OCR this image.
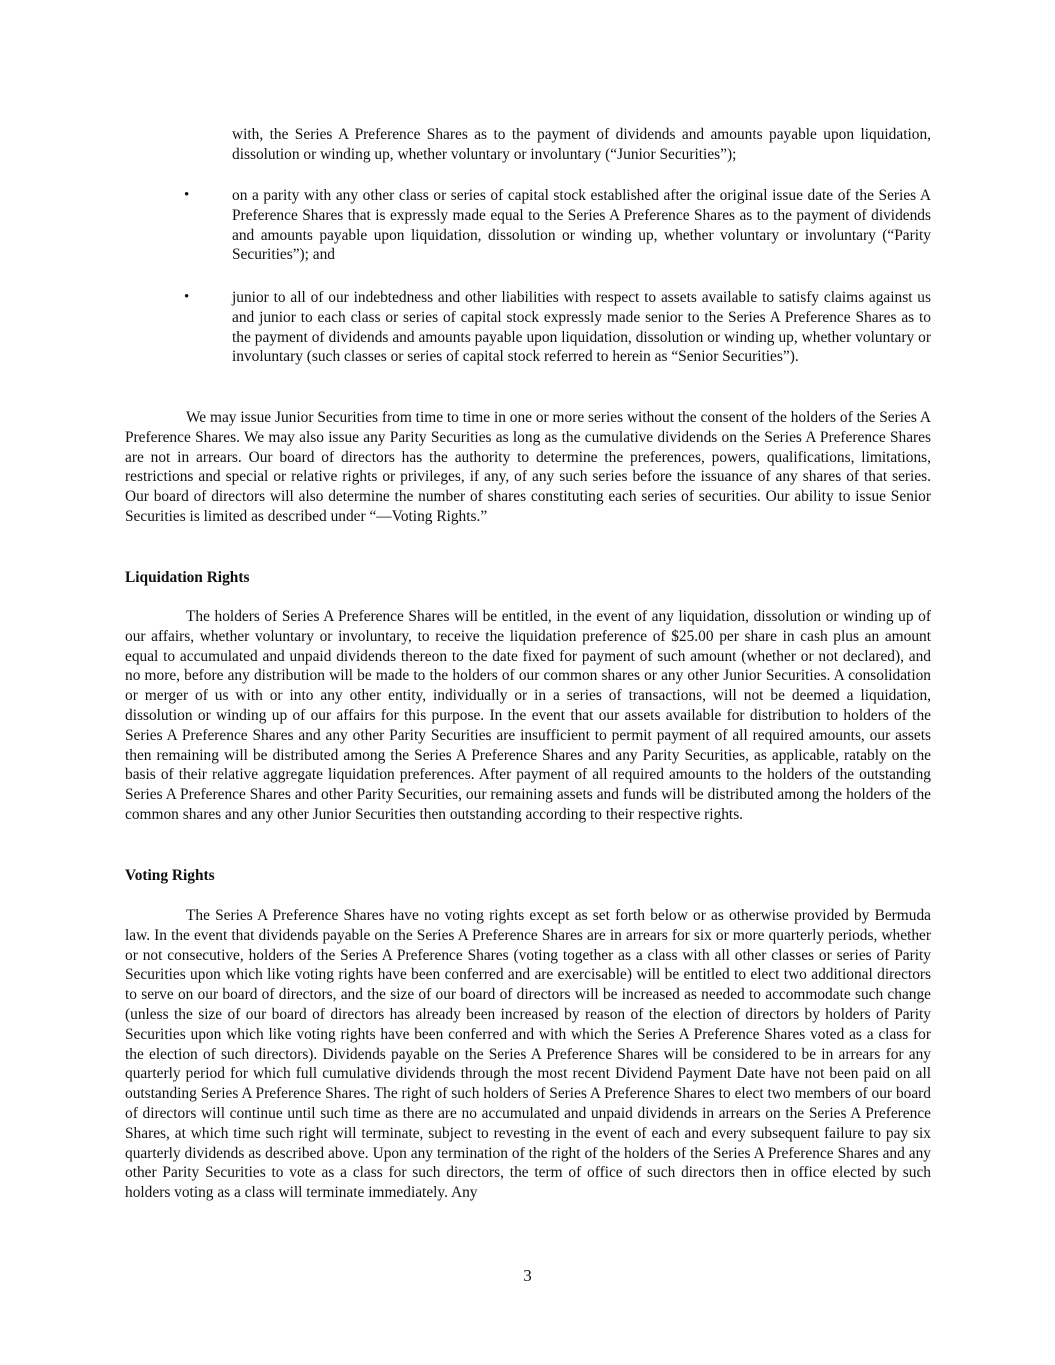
with, the Series A Preference Shares as to the payment of dividends and amounts payable upon liquidation, dissolution or winding up, whether voluntary or involuntary (“Junior Securities”);

•	on a parity with any other class or series of capital stock established after the original issue date of the Series A Preference Shares that is expressly made equal to the Series A Preference Shares as to the payment of dividends and amounts payable upon liquidation, dissolution or winding up, whether voluntary or involuntary (“Parity Securities”); and

•	junior to all of our indebtedness and other liabilities with respect to assets available to satisfy claims against us and junior to each class or series of capital stock expressly made senior to the Series A Preference Shares as to the payment of dividends and amounts payable upon liquidation, dissolution or winding up, whether voluntary or involuntary (such classes or series of capital stock referred to herein as “Senior Securities”).

We may issue Junior Securities from time to time in one or more series without the consent of the holders of the Series A Preference Shares. We may also issue any Parity Securities as long as the cumulative dividends on the Series A Preference Shares are not in arrears. Our board of directors has the authority to determine the preferences, powers, qualifications, limitations, restrictions and special or relative rights or privileges, if any, of any such series before the issuance of any shares of that series. Our board of directors will also determine the number of shares constituting each series of securities. Our ability to issue Senior Securities is limited as described under “—Voting Rights.”

Liquidation Rights

The holders of Series A Preference Shares will be entitled, in the event of any liquidation, dissolution or winding up of our affairs, whether voluntary or involuntary, to receive the liquidation preference of $25.00 per share in cash plus an amount equal to accumulated and unpaid dividends thereon to the date fixed for payment of such amount (whether or not declared), and no more, before any distribution will be made to the holders of our common shares or any other Junior Securities. A consolidation or merger of us with or into any other entity, individually or in a series of transactions, will not be deemed a liquidation, dissolution or winding up of our affairs for this purpose. In the event that our assets available for distribution to holders of the Series A Preference Shares and any other Parity Securities are insufficient to permit payment of all required amounts, our assets then remaining will be distributed among the Series A Preference Shares and any Parity Securities, as applicable, ratably on the basis of their relative aggregate liquidation preferences. After payment of all required amounts to the holders of the outstanding Series A Preference Shares and other Parity Securities, our remaining assets and funds will be distributed among the holders of the common shares and any other Junior Securities then outstanding according to their respective rights.

Voting Rights

The Series A Preference Shares have no voting rights except as set forth below or as otherwise provided by Bermuda law. In the event that dividends payable on the Series A Preference Shares are in arrears for six or more quarterly periods, whether or not consecutive, holders of the Series A Preference Shares (voting together as a class with all other classes or series of Parity Securities upon which like voting rights have been conferred and are exercisable) will be entitled to elect two additional directors to serve on our board of directors, and the size of our board of directors will be increased as needed to accommodate such change (unless the size of our board of directors has already been increased by reason of the election of directors by holders of Parity Securities upon which like voting rights have been conferred and with which the Series A Preference Shares voted as a class for the election of such directors). Dividends payable on the Series A Preference Shares will be considered to be in arrears for any quarterly period for which full cumulative dividends through the most recent Dividend Payment Date have not been paid on all outstanding Series A Preference Shares. The right of such holders of Series A Preference Shares to elect two members of our board of directors will continue until such time as there are no accumulated and unpaid dividends in arrears on the Series A Preference Shares, at which time such right will terminate, subject to revesting in the event of each and every subsequent failure to pay six quarterly dividends as described above. Upon any termination of the right of the holders of the Series A Preference Shares and any other Parity Securities to vote as a class for such directors, the term of office of such directors then in office elected by such holders voting as a class will terminate immediately. Any

3
